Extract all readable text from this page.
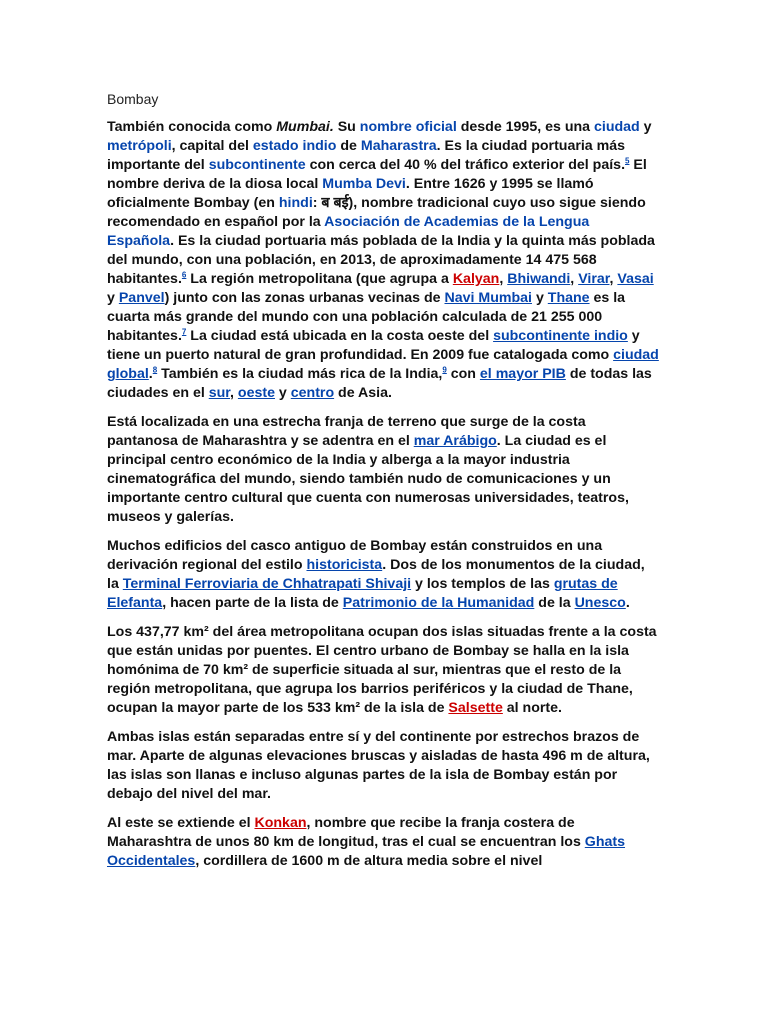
Bombay

También conocida como Mumbai. Su nombre oficial desde 1995, es una ciudad y metrópoli, capital del estado indio de Maharastra. Es la ciudad portuaria más importante del subcontinente con cerca del 40 % del tráfico exterior del país.$^5$ El nombre deriva de la diosa local Mumba Devi. Entre 1626 y 1995 se llamó oficialmente Bombay (en hindi: ब बई), nombre tradicional cuyo uso sigue siendo recomendado en español por la Asociación de Academias de la Lengua Española. Es la ciudad portuaria más poblada de la India y la quinta más poblada del mundo, con una población, en 2013, de aproximadamente 14 475 568 habitantes.$^6$ La región metropolitana (que agrupa a Kalyan, Bhiwandi, Virar, Vasai y Panvel) junto con las zonas urbanas vecinas de Navi Mumbai y Thane es la cuarta más grande del mundo con una población calculada de 21 255 000 habitantes.$^7$ La ciudad está ubicada en la costa oeste del subcontinente indio y tiene un puerto natural de gran profundidad. En 2009 fue catalogada como ciudad global.$^8$ También es la ciudad más rica de la India,$^9$ con el mayor PIB de todas las ciudades en el sur, oeste y centro de Asia.

Está localizada en una estrecha franja de terreno que surge de la costa pantanosa de Maharashtra y se adentra en el mar Arábigo. La ciudad es el principal centro económico de la India y alberga a la mayor industria cinematográfica del mundo, siendo también nudo de comunicaciones y un importante centro cultural que cuenta con numerosas universidades, teatros, museos y galerías.

Muchos edificios del casco antiguo de Bombay están construidos en una derivación regional del estilo historicista. Dos de los monumentos de la ciudad, la Terminal Ferroviaria de Chhatrapati Shivaji y los templos de las grutas de Elefanta, hacen parte de la lista de Patrimonio de la Humanidad de la Unesco.

Los 437,77 km² del área metropolitana ocupan dos islas situadas frente a la costa que están unidas por puentes. El centro urbano de Bombay se halla en la isla homónima de 70 km² de superficie situada al sur, mientras que el resto de la región metropolitana, que agrupa los barrios periféricos y la ciudad de Thane, ocupan la mayor parte de los 533 km² de la isla de Salsette al norte.

Ambas islas están separadas entre sí y del continente por estrechos brazos de mar. Aparte de algunas elevaciones bruscas y aisladas de hasta 496 m de altura, las islas son llanas e incluso algunas partes de la isla de Bombay están por debajo del nivel del mar.

Al este se extiende el Konkan, nombre que recibe la franja costera de Maharashtra de unos 80 km de longitud, tras el cual se encuentran los Ghats Occidentales, cordillera de 1600 m de altura media sobre el nivel
